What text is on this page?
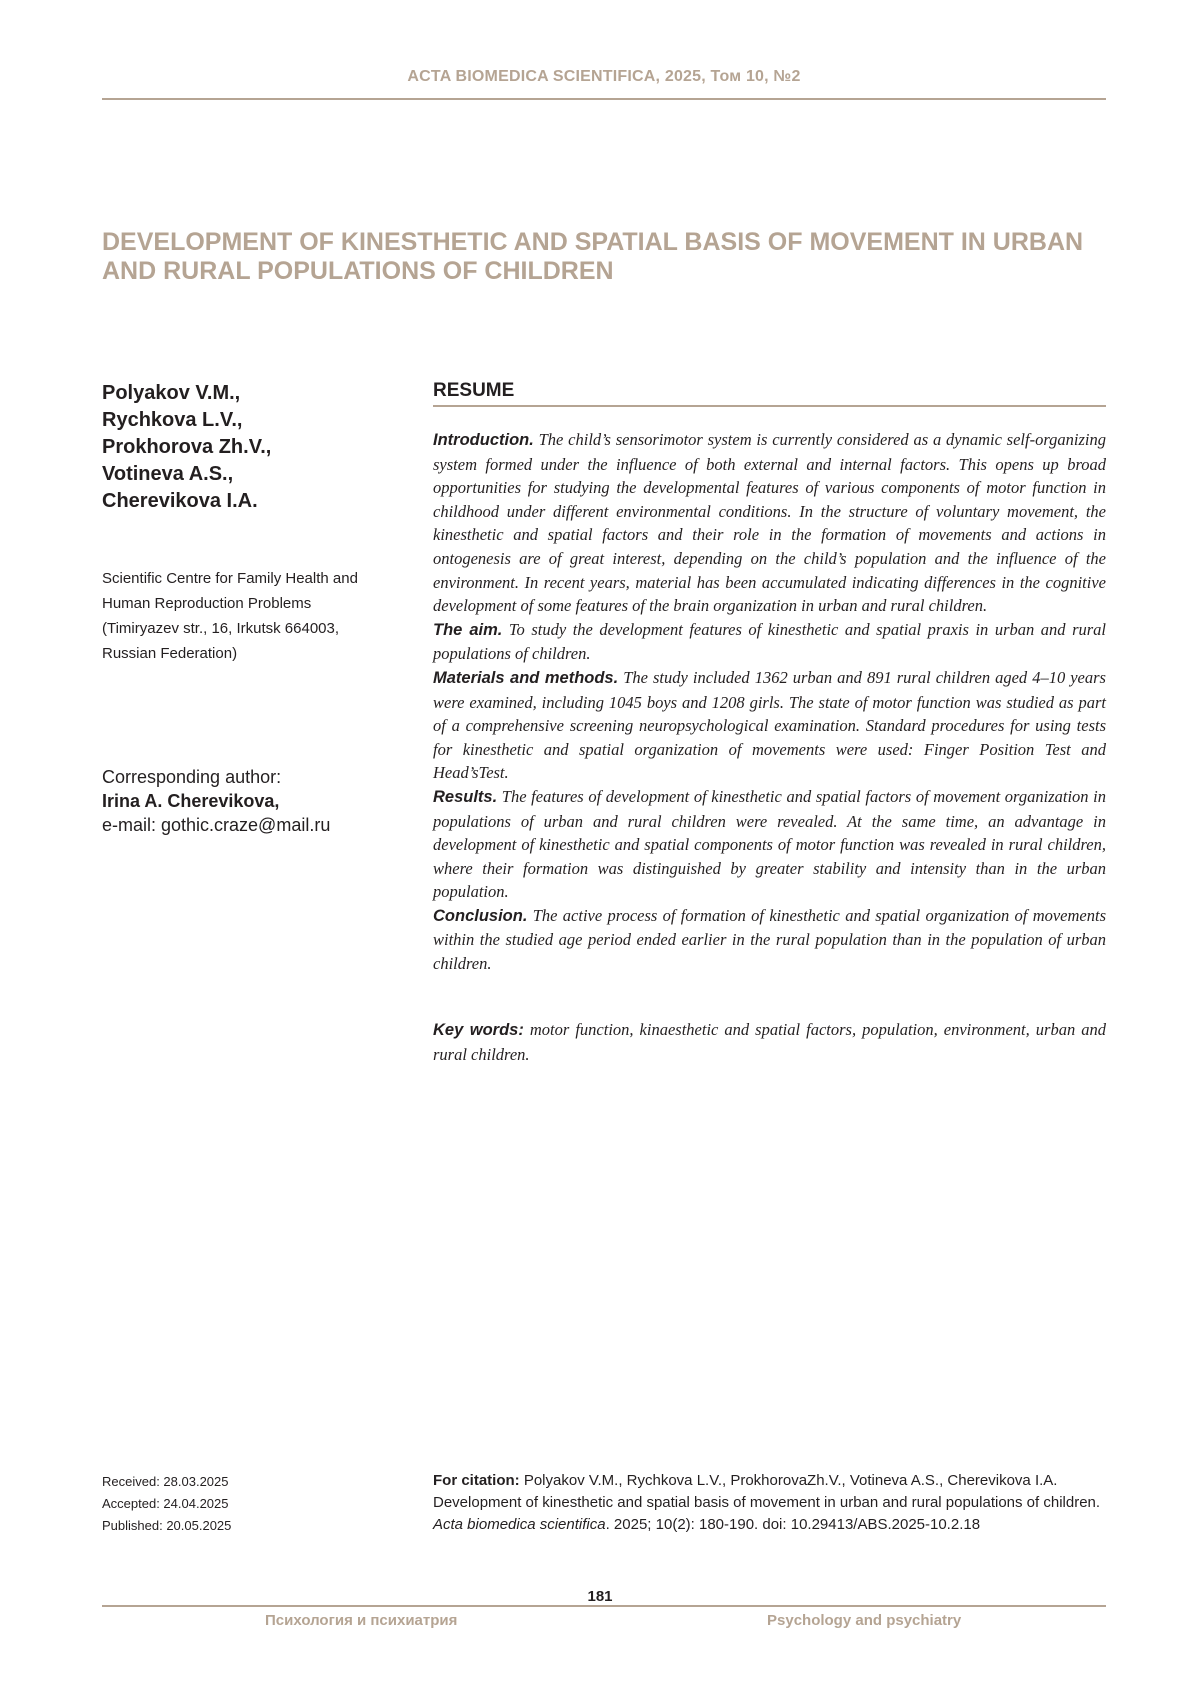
ACTA BIOMEDICA SCIENTIFICA, 2025, Том 10, №2
DEVELOPMENT OF KINESTHETIC AND SPATIAL BASIS OF MOVEMENT IN URBAN AND RURAL POPULATIONS OF CHILDREN
Polyakov V.M.,
Rychkova L.V.,
Prokhorova Zh.V.,
Votineva A.S.,
Cherevikova I.A.
Scientific Centre for Family Health and Human Reproduction Problems (Timiryazev str., 16, Irkutsk 664003, Russian Federation)
Corresponding author:
Irina A. Cherevikova,
e-mail: gothic.craze@mail.ru
RESUME

Introduction. The child’s sensorimotor system is currently considered as a dynamic self-organizing system formed under the influence of both external and internal factors. This opens up broad opportunities for studying the developmental features of various components of motor function in childhood under different environmental conditions. In the structure of voluntary movement, the kinesthetic and spatial factors and their role in the formation of movements and actions in ontogenesis are of great interest, depending on the child’s population and the influence of the environment. In recent years, material has been accumulated indicating differences in the cognitive development of some features of the brain organization in urban and rural children.

The aim. To study the development features of kinesthetic and spatial praxis in urban and rural populations of children.

Materials and methods. The study included 1362 urban and 891 rural children aged 4–10 years were examined, including 1045 boys and 1208 girls. The state of motor function was studied as part of a comprehensive screening neuropsychological examination. Standard procedures for using tests for kinesthetic and spatial organization of movements were used: Finger Position Test and Head’sTest.

Results. The features of development of kinesthetic and spatial factors of movement organization in populations of urban and rural children were revealed. At the same time, an advantage in development of kinesthetic and spatial components of motor function was revealed in rural children, where their formation was distinguished by greater stability and intensity than in the urban population.

Conclusion. The active process of formation of kinesthetic and spatial organization of movements within the studied age period ended earlier in the rural population than in the population of urban children.

Key words: motor function, kinaesthetic and spatial factors, population, environment, urban and rural children.
Received: 28.03.2025
Accepted: 24.04.2025
Published: 20.05.2025
For citation: Polyakov V.M., Rychkova L.V., ProkhorovaZh.V., Votineva A.S., Cherevikova I.A. Development of kinesthetic and spatial basis of movement in urban and rural populations of children. Acta biomedica scientifica. 2025; 10(2): 180-190. doi: 10.29413/ABS.2025-10.2.18
181
Психология и психиатрия	Psychology and psychiatry
